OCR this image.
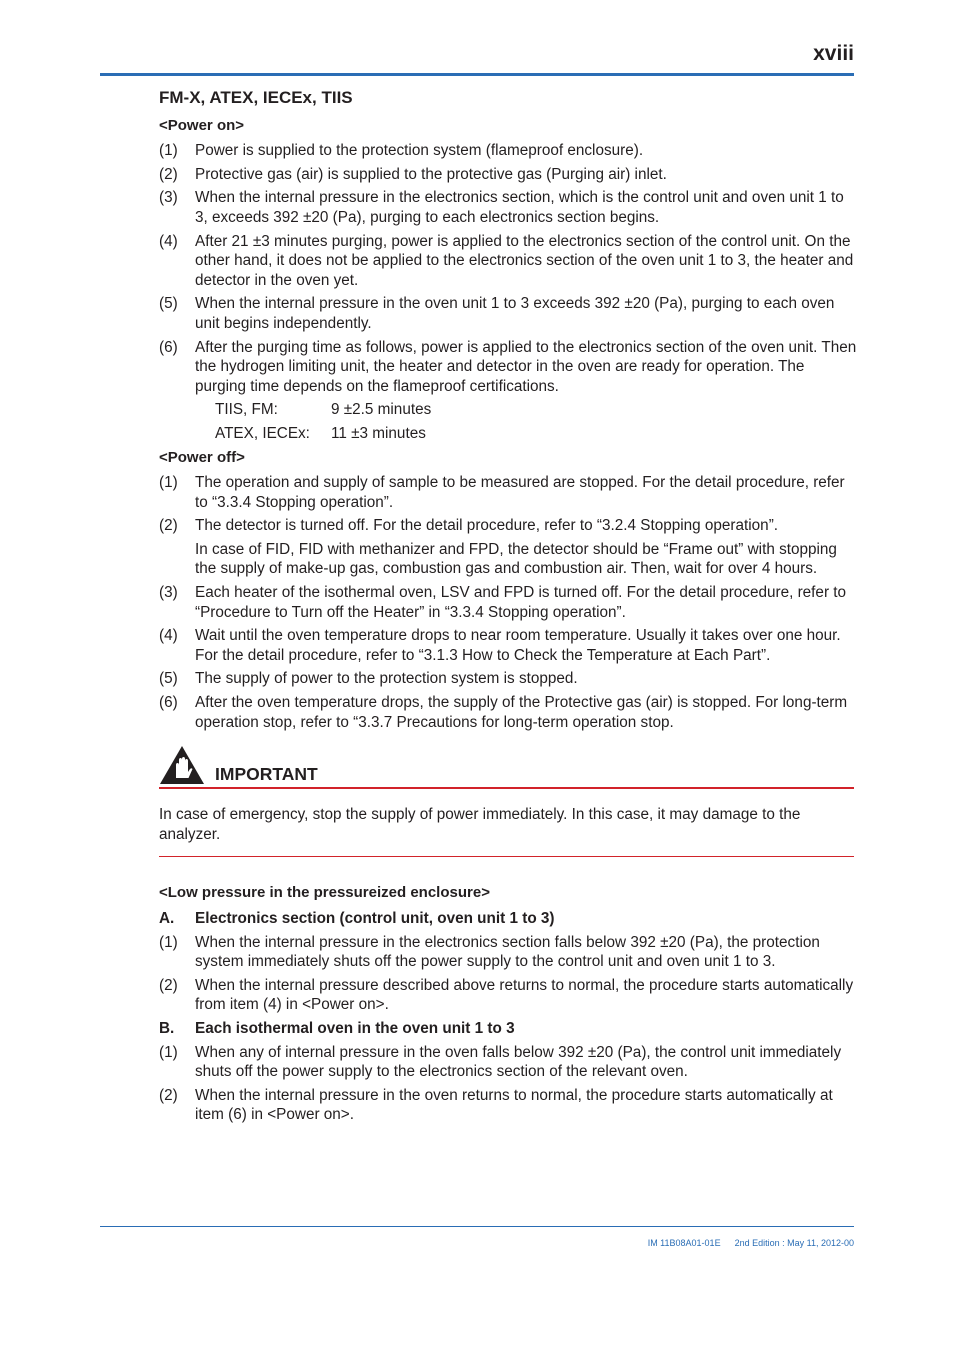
xviii
FM-X, ATEX, IECEx, TIIS
<Power on>
(1)	Power is supplied to the protection system (flameproof enclosure).
(2)	Protective gas (air) is supplied to the protective gas (Purging air) inlet.
(3)	When the internal pressure in the electronics section, which is the control unit and oven unit 1 to 3, exceeds 392 ±20 (Pa), purging to each electronics section begins.
(4)	After 21 ±3 minutes purging, power is applied to the electronics section of the control unit. On the other hand, it does not be applied to the electronics section of the oven unit 1 to 3, the heater and detector in the oven yet.
(5)	When the internal pressure in the oven unit 1 to 3 exceeds 392 ±20 (Pa), purging to each oven unit begins independently.
(6)	After the purging time as follows, power is applied to the electronics section of the oven unit. Then the hydrogen limiting unit, the heater and detector in the oven are ready for operation. The purging time depends on the flameproof certifications.
TIIS, FM:	9 ±2.5 minutes
ATEX, IECEx:	11 ±3 minutes
<Power off>
(1)	The operation and supply of sample to be measured are stopped. For the detail procedure, refer to “3.3.4 Stopping operation”.
(2)	The detector is turned off. For the detail procedure, refer to “3.2.4 Stopping operation”.
In case of FID, FID with methanizer and FPD, the detector should be “Frame out” with stopping the supply of make-up gas, combustion gas and combustion air. Then, wait for over 4 hours.
(3)	Each heater of the isothermal oven, LSV and FPD is turned off. For the detail procedure, refer to “Procedure to Turn off the Heater” in “3.3.4 Stopping operation”.
(4)	Wait until the oven temperature drops to near room temperature. Usually it takes over one hour. For the detail procedure, refer to “3.1.3 How to Check the Temperature at Each Part”.
(5)	The supply of power to the protection system is stopped.
(6)	After the oven temperature drops, the supply of the Protective gas (air) is stopped. For long-term operation stop, refer to “3.3.7 Precautions for long-term operation stop.
IMPORTANT
In case of emergency, stop the supply of power immediately. In this case, it may damage to the analyzer.
<Low pressure in the pressureized enclosure>
A.	Electronics section (control unit, oven unit 1 to 3)
(1)	When the internal pressure in the electronics section falls below 392 ±20 (Pa), the protection system immediately shuts off the power supply to the control unit and oven unit 1 to 3.
(2)	When the internal pressure described above returns to normal, the procedure starts automatically from item (4) in <Power on>.
B.	Each isothermal oven in the oven unit 1 to 3
(1)	When any of internal pressure in the oven falls below 392 ±20 (Pa), the control unit immediately shuts off the power supply to the electronics section of the relevant oven.
(2)	When the internal pressure in the oven returns to normal, the procedure starts automatically at item (6) in <Power on>.
IM 11B08A01-01E 2nd Edition : May 11, 2012-00
